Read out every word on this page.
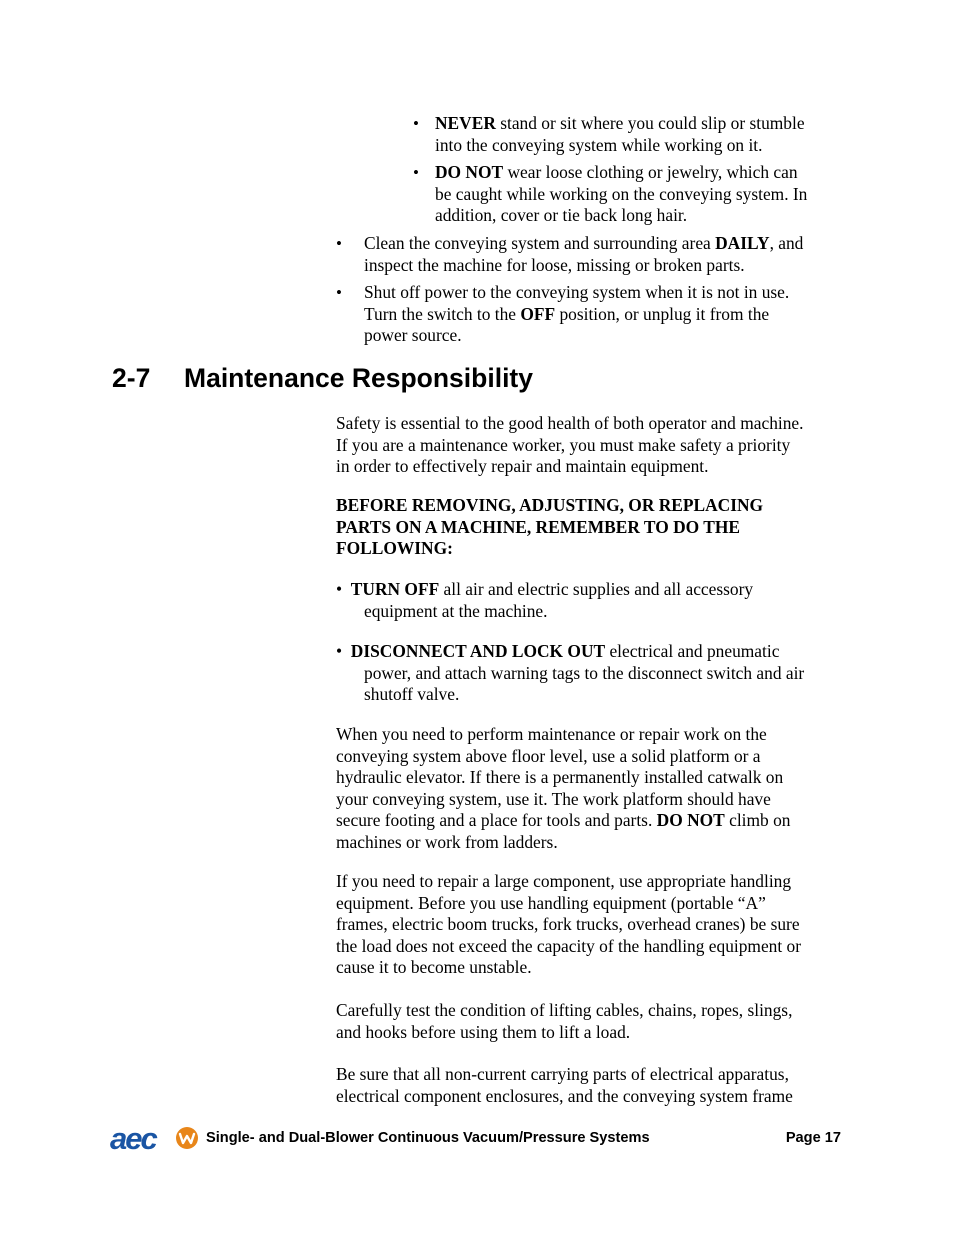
• NEVER stand or sit where you could slip or stumble
into the conveying system while working on it.
• DO NOT wear loose clothing or jewelry, which can
be caught while working on the conveying system. In
addition, cover or tie back long hair.
• Clean the conveying system and surrounding area DAILY, and
inspect the machine for loose, missing or broken parts.
• Shut off power to the conveying system when it is not in use.
Turn the switch to the OFF position, or unplug it from the
power source.
2-7 Maintenance Responsibility
Safety is essential to the good health of both operator and machine.
If you are a maintenance worker, you must make safety a priority
in order to effectively repair and maintain equipment.
BEFORE REMOVING, ADJUSTING, OR REPLACING
PARTS ON A MACHINE, REMEMBER TO DO THE
FOLLOWING:
•  TURN OFF all air and electric supplies and all accessory
equipment at the machine.
•  DISCONNECT AND LOCK OUT electrical and pneumatic
power, and attach warning tags to the disconnect switch and air
shutoff valve.
When you need to perform maintenance or repair work on the
conveying system above floor level, use a solid platform or a
hydraulic elevator. If there is a permanently installed catwalk on
your conveying system, use it. The work platform should have
secure footing and a place for tools and parts. DO NOT climb on
machines or work from ladders.
If you need to repair a large component, use appropriate handling
equipment. Before you use handling equipment (portable “A”
frames, electric boom trucks, fork trucks, overhead cranes) be sure
the load does not exceed the capacity of the handling equipment or
cause it to become unstable.
Carefully test the condition of lifting cables, chains, ropes, slings,
and hooks before using them to lift a load.
Be sure that all non-current carrying parts of electrical apparatus,
electrical component enclosures, and the conveying system frame
aec	Single- and Dual-Blower Continuous Vacuum/Pressure Systems	Page 17
